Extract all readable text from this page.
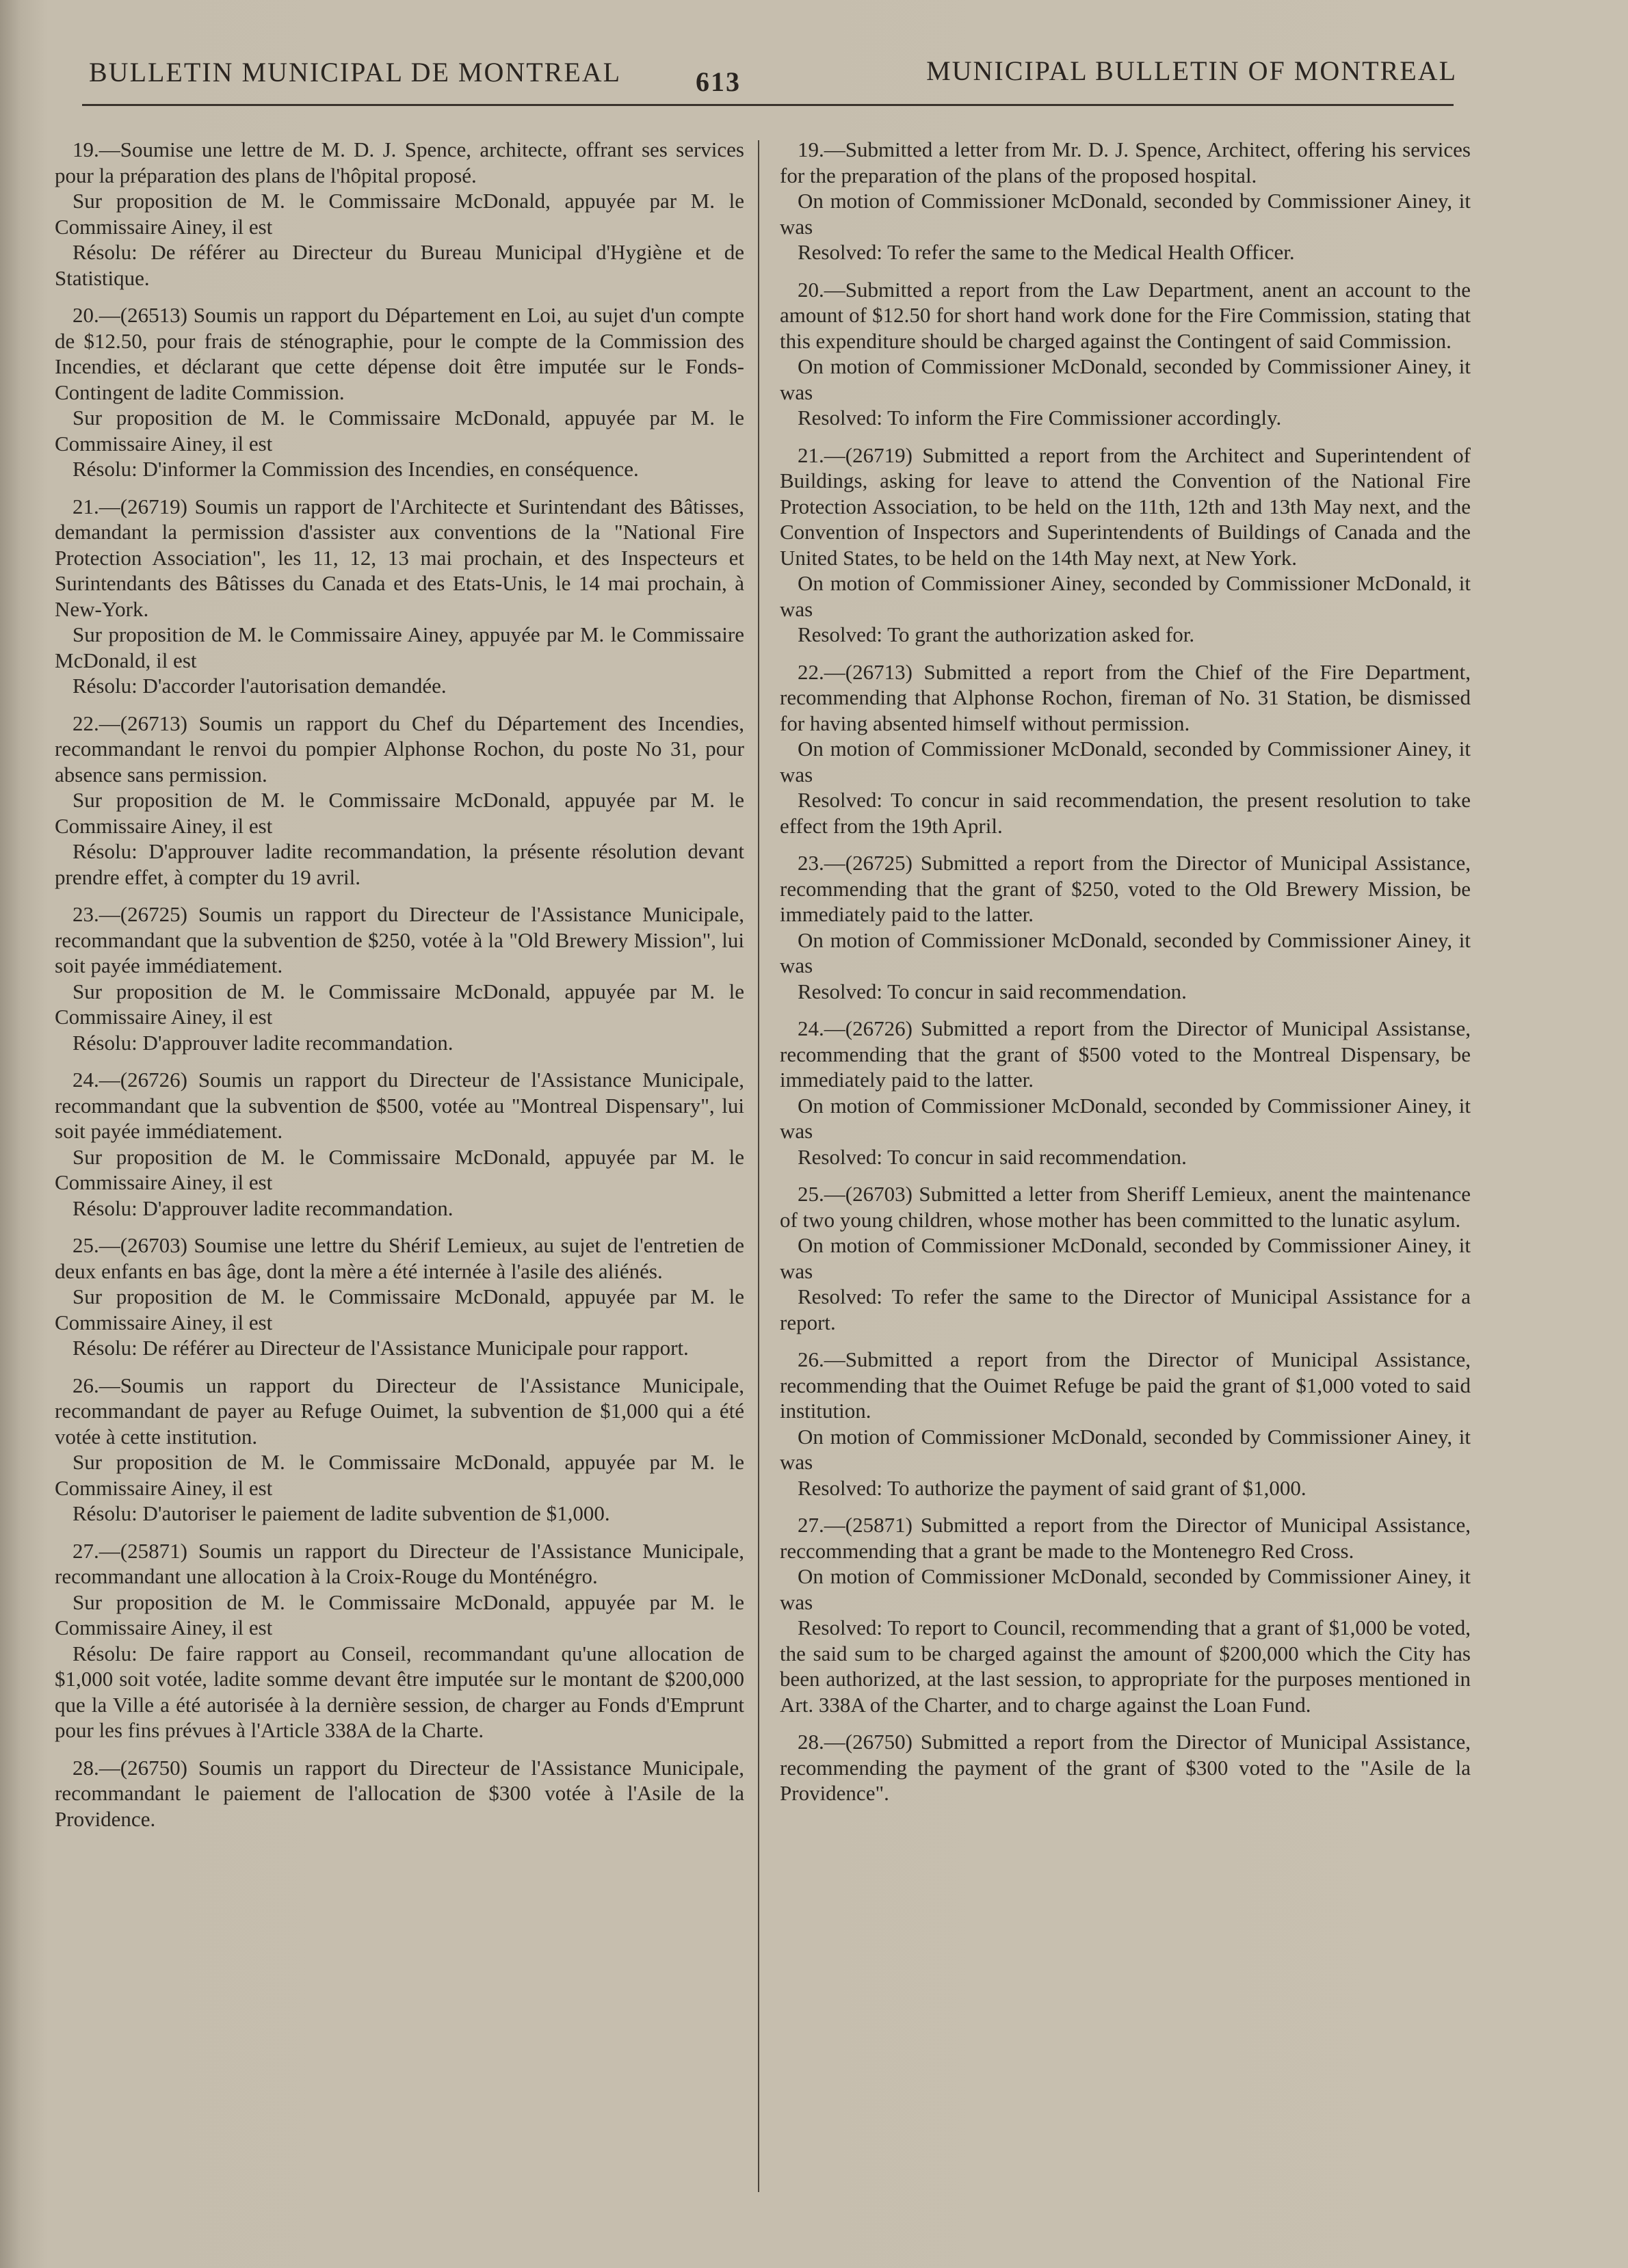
BULLETIN MUNICIPAL DE MONTREAL	613	MUNICIPAL BULLETIN OF MONTREAL

19.—Soumise une lettre de M. D. J. Spence, architecte, offrant ses services pour la préparation des plans de l'hôpital proposé.

Sur proposition de M. le Commissaire McDonald, appuyée par M. le Commissaire Ainey, il est

Résolu: De référer au Directeur du Bureau Municipal d'Hygiène et de Statistique.

20.—(26513) Soumis un rapport du Département en Loi, au sujet d'un compte de $12.50, pour frais de sténographie, pour le compte de la Commission des Incendies, et déclarant que cette dépense doit être imputée sur le Fonds-Contingent de ladite Commission.

Sur proposition de M. le Commissaire McDonald, appuyée par M. le Commissaire Ainey, il est

Résolu: D'informer la Commission des Incendies, en conséquence.

21.—(26719) Soumis un rapport de l'Architecte et Surintendant des Bâtisses, demandant la permission d'assister aux conventions de la "National Fire Protection Association", les 11, 12, 13 mai prochain, et des Inspecteurs et Surintendants des Bâtisses du Canada et des Etats-Unis, le 14 mai prochain, à New-York.

Sur proposition de M. le Commissaire Ainey, appuyée par M. le Commissaire McDonald, il est

Résolu: D'accorder l'autorisation demandée.

22.—(26713) Soumis un rapport du Chef du Département des Incendies, recommandant le renvoi du pompier Alphonse Rochon, du poste No 31, pour absence sans permission.

Sur proposition de M. le Commissaire McDonald, appuyée par M. le Commissaire Ainey, il est

Résolu: D'approuver ladite recommandation, la présente résolution devant prendre effet, à compter du 19 avril.

23.—(26725) Soumis un rapport du Directeur de l'Assistance Municipale, recommandant que la subvention de $250, votée à la "Old Brewery Mission", lui soit payée immédiatement.

Sur proposition de M. le Commissaire McDonald, appuyée par M. le Commissaire Ainey, il est

Résolu: D'approuver ladite recommandation.

24.—(26726) Soumis un rapport du Directeur de l'Assistance Municipale, recommandant que la subvention de $500, votée au "Montreal Dispensary", lui soit payée immédiatement.

Sur proposition de M. le Commissaire McDonald, appuyée par M. le Commissaire Ainey, il est

Résolu: D'approuver ladite recommandation.

25.—(26703) Soumise une lettre du Shérif Lemieux, au sujet de l'entretien de deux enfants en bas âge, dont la mère a été internée à l'asile des aliénés.

Sur proposition de M. le Commissaire McDonald, appuyée par M. le Commissaire Ainey, il est

Résolu: De référer au Directeur de l'Assistance Municipale pour rapport.

26.—Soumis un rapport du Directeur de l'Assistance Municipale, recommandant de payer au Refuge Ouimet, la subvention de $1,000 qui a été votée à cette institution.

Sur proposition de M. le Commissaire McDonald, appuyée par M. le Commissaire Ainey, il est

Résolu: D'autoriser le paiement de ladite subvention de $1,000.

27.—(25871) Soumis un rapport du Directeur de l'Assistance Municipale, recommandant une allocation à la Croix-Rouge du Monténégro.

Sur proposition de M. le Commissaire McDonald, appuyée par M. le Commissaire Ainey, il est

Résolu: De faire rapport au Conseil, recommandant qu'une allocation de $1,000 soit votée, ladite somme devant être imputée sur le montant de $200,000 que la Ville a été autorisée à la dernière session, de charger au Fonds d'Emprunt pour les fins prévues à l'Article 338A de la Charte.

28.—(26750) Soumis un rapport du Directeur de l'Assistance Municipale, recommandant le paiement de l'allocation de $300 votée à l'Asile de la Providence.

19.—Submitted a letter from Mr. D. J. Spence, Architect, offering his services for the preparation of the plans of the proposed hospital.

On motion of Commissioner McDonald, seconded by Commissioner Ainey, it was

Resolved: To refer the same to the Medical Health Officer.

20.—Submitted a report from the Law Department, anent an account to the amount of $12.50 for short hand work done for the Fire Commission, stating that this expenditure should be charged against the Contingent of said Commission.

On motion of Commissioner McDonald, seconded by Commissioner Ainey, it was

Resolved: To inform the Fire Commissioner accordingly.

21.—(26719) Submitted a report from the Architect and Superintendent of Buildings, asking for leave to attend the Convention of the National Fire Protection Association, to be held on the 11th, 12th and 13th May next, and the Convention of Inspectors and Superintendents of Buildings of Canada and the United States, to be held on the 14th May next, at New York.

On motion of Commissioner Ainey, seconded by Commissioner McDonald, it was

Resolved: To grant the authorization asked for.

22.—(26713) Submitted a report from the Chief of the Fire Department, recommending that Alphonse Rochon, fireman of No. 31 Station, be dismissed for having absented himself without permission.

On motion of Commissioner McDonald, seconded by Commissioner Ainey, it was

Resolved: To concur in said recommendation, the present resolution to take effect from the 19th April.

23.—(26725) Submitted a report from the Director of Municipal Assistance, recommending that the grant of $250, voted to the Old Brewery Mission, be immediately paid to the latter.

On motion of Commissioner McDonald, seconded by Commissioner Ainey, it was

Resolved: To concur in said recommendation.

24.—(26726) Submitted a report from the Director of Municipal Assistanse, recommending that the grant of $500 voted to the Montreal Dispensary, be immediately paid to the latter.

On motion of Commissioner McDonald, seconded by Commissioner Ainey, it was

Resolved: To concur in said recommendation.

25.—(26703) Submitted a letter from Sheriff Lemieux, anent the maintenance of two young children, whose mother has been committed to the lunatic asylum.

On motion of Commissioner McDonald, seconded by Commissioner Ainey, it was

Resolved: To refer the same to the Director of Municipal Assistance for a report.

26.—Submitted a report from the Director of Municipal Assistance, recommending that the Ouimet Refuge be paid the grant of $1,000 voted to said institution.

On motion of Commissioner McDonald, seconded by Commissioner Ainey, it was

Resolved: To authorize the payment of said grant of $1,000.

27.—(25871) Submitted a report from the Director of Municipal Assistance, reccommending that a grant be made to the Montenegro Red Cross.

On motion of Commissioner McDonald, seconded by Commissioner Ainey, it was

Resolved: To report to Council, recommending that a grant of $1,000 be voted, the said sum to be charged against the amount of $200,000 which the City has been authorized, at the last session, to appropriate for the purposes mentioned in Art. 338A of the Charter, and to charge against the Loan Fund.

28.—(26750) Submitted a report from the Director of Municipal Assistance, recommending the payment of the grant of $300 voted to the "Asile de la Providence".
